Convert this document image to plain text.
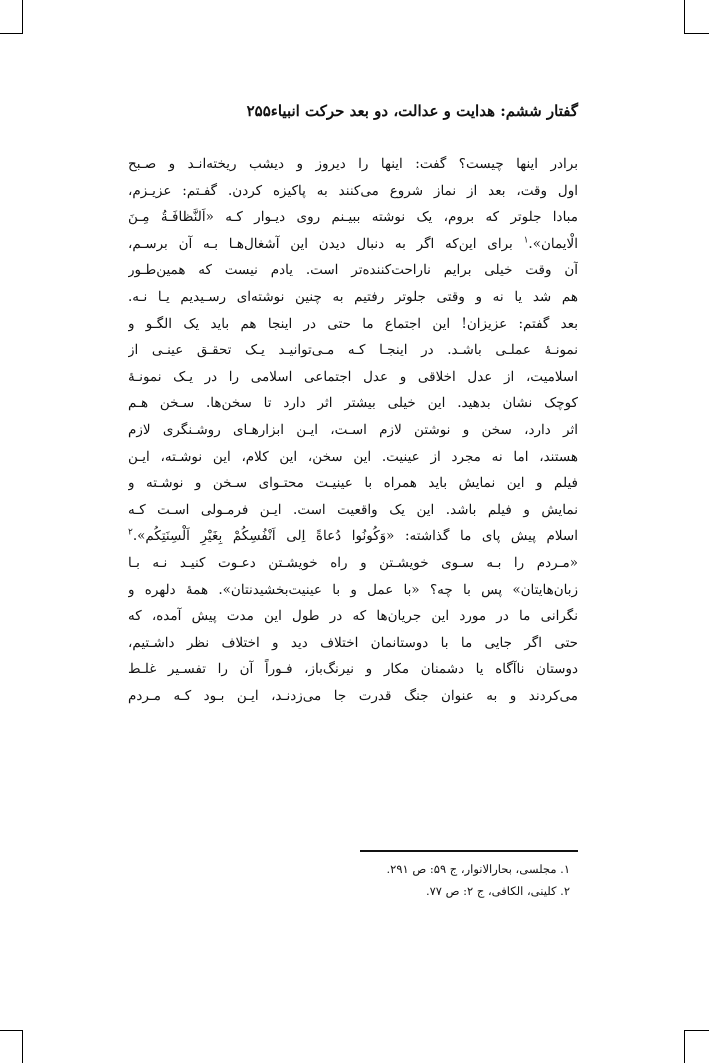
گفتار ششم: هدایت و عدالت، دو بعد حرکت انبیاء
۲۵۵
برادر اینها چیست؟ گفت: اینها را دیروز و دیشب ریخته‌انـد و صـبح
اول وقت، بعد از نماز شروع می‌کنند به پاکیزه کردن. گفـتم: عزیـزم،
مبادا جلوتر که بروم، یک نوشته ببیـنم روی دیـوار کـه «اَلنَّظافَـةُ مِـنَ
الْایمان».$^۱$ برای این‌که اگر به دنبال دیدن این آشغال‌هـا بـه آن برسـم،
آن وقت خیلی برایم ناراحت‌کننده‌تر است. یادم نیست که همین‌طـور
هم شد یا نه و وقتی جلوتر رفتیم به چنین نوشته‌ای رسـیدیم یـا نـه.
بعد گفتم: عزیزان! این اجتماع ما حتی در اینجا هم باید یک الگـو و
نمونـهٔ عملـی باشـد. در اینجـا کـه مـی‌توانیـد یـک تحقـق عینـی از
اسلامیت، از عدل اخلاقی و عدل اجتماعی اسلامی را در یـک نمونـهٔ
کوچک نشان بدهید. این خیلی بیشتر اثر دارد تا سخن‌ها. سـخن هـم
اثر دارد، سخن و نوشتن لازم اسـت، ایـن ابزارهـای روشـنگری لازم
هستند، اما نه مجرد از عینیت. این سخن، این کلام، این نوشـته، ایـن
فیلم و این نمایش باید همراه با عینیـت محتـوای سـخن و نوشـته و
نمایش و فیلم باشد. این یک واقعیت است. ایـن فرمـولی اسـت کـه
اسلام پیش پای ما گذاشته: «وَکُونُوا دُعاةً اِلی اَنْفُسِکُمْ بِغَیْرِ اَلْسِنَتِکُم».$^۲$
«مـردم را بـه سـوی خویشـتن و راه خویشـتن دعـوت کنیـد نـه بـا
زبان‌هایتان» پس با چه؟ «با عمل و با عینیت‌بخشیدنتان». همهٔ دلهره و
نگرانی ما در مورد این جریان‌ها که در طول این مدت پیش آمده، که
حتی اگر جایی ما با دوستانمان اختلاف دید و اختلاف نظر داشـتیم،
دوستان ناآگاه یا دشمنان مکار و نیرنگ‌باز، فـوراً آن را تفسـیر غلـط
می‌کردند و به عنوان جنگ قدرت جا می‌زدنـد، ایـن بـود کـه مـردم
۱. مجلسی، بحارالانوار، ج ۵۹: ص ۲۹۱.
۲. کلینی، الکافی، ج ۲: ص ۷۷.
